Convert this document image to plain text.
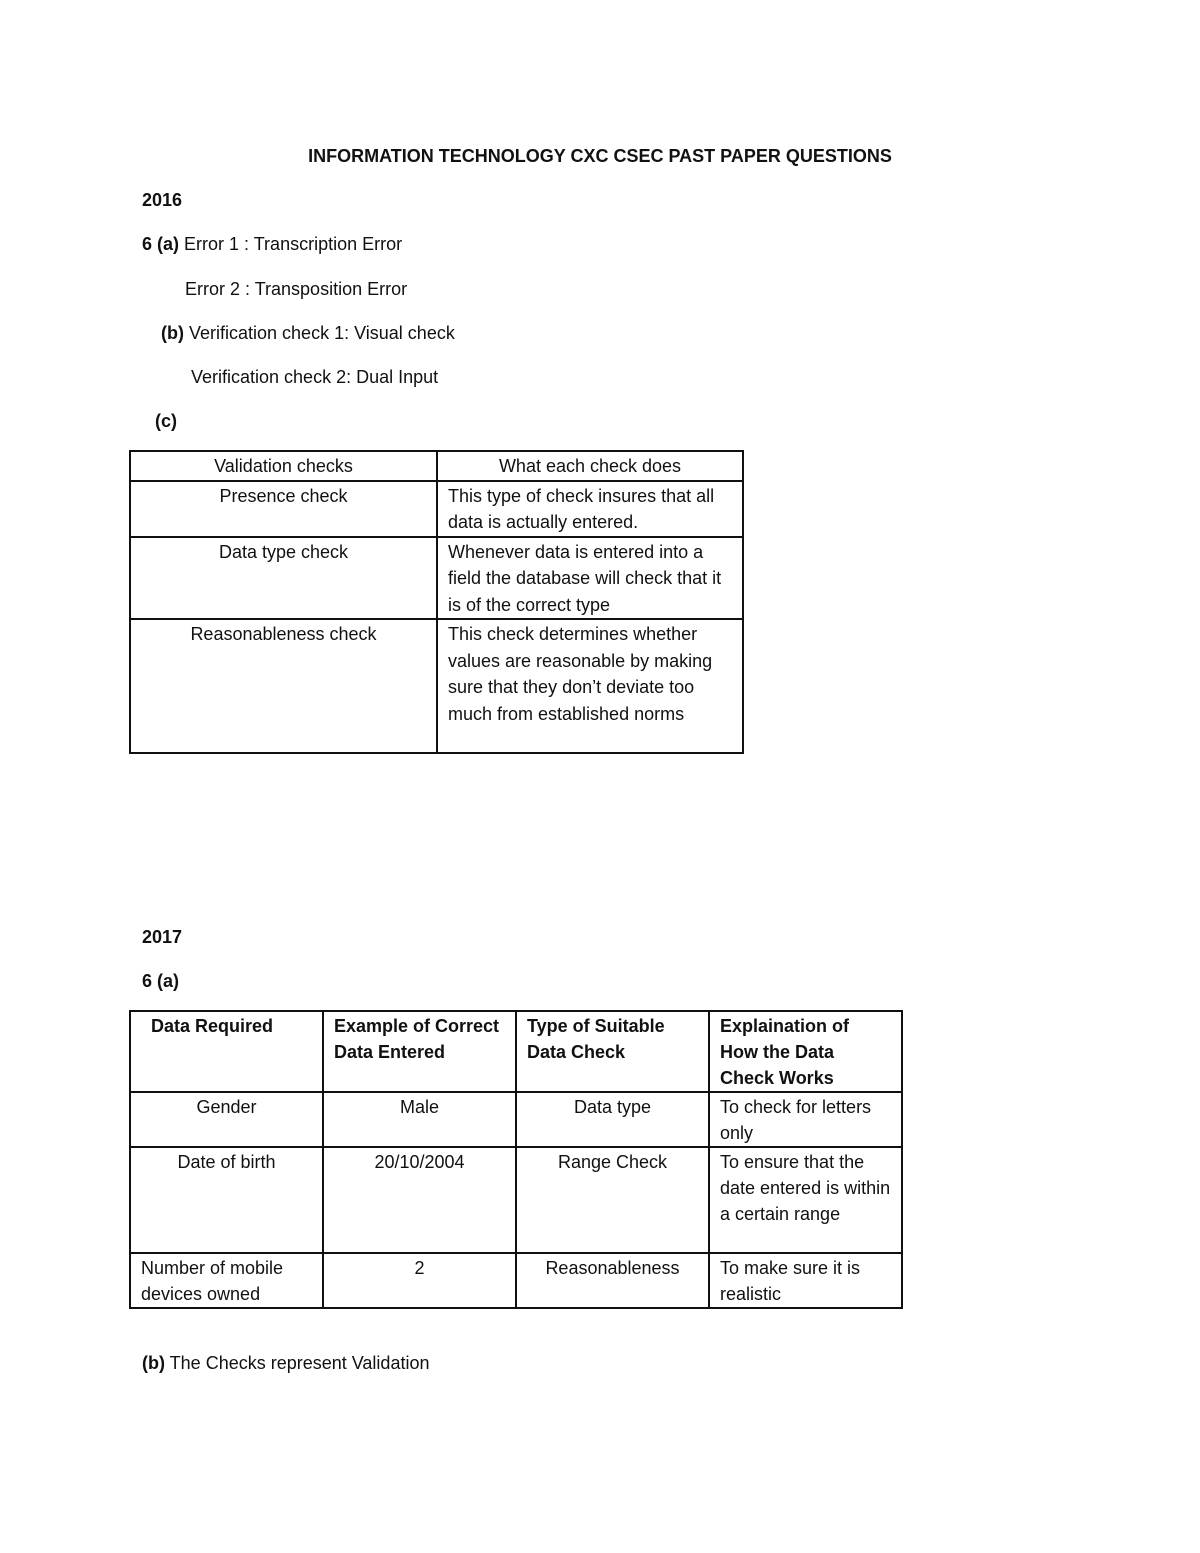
INFORMATION TECHNOLOGY CXC CSEC PAST PAPER QUESTIONS
2016
6 (a) Error 1 : Transcription Error
Error 2 : Transposition Error
(b) Verification check 1: Visual check
Verification check 2: Dual Input
(c)
Validation checks	What each check does
Presence check	This type of check insures that all data is actually entered.
Data type check	Whenever data is entered into a field the database will check that it is of the correct type
Reasonableness check	This check determines whether values are reasonable by making sure that they don’t deviate too much from established norms
2017
6 (a)
Data Required	Example of Correct Data Entered	Type of Suitable Data Check	Explaination of How the Data Check Works
Gender	Male	Data type	To check for letters only
Date of birth	20/10/2004	Range Check	To ensure that the date entered is within a certain range
Number of mobile devices owned	2	Reasonableness	To make sure it is realistic
(b) The Checks represent Validation
